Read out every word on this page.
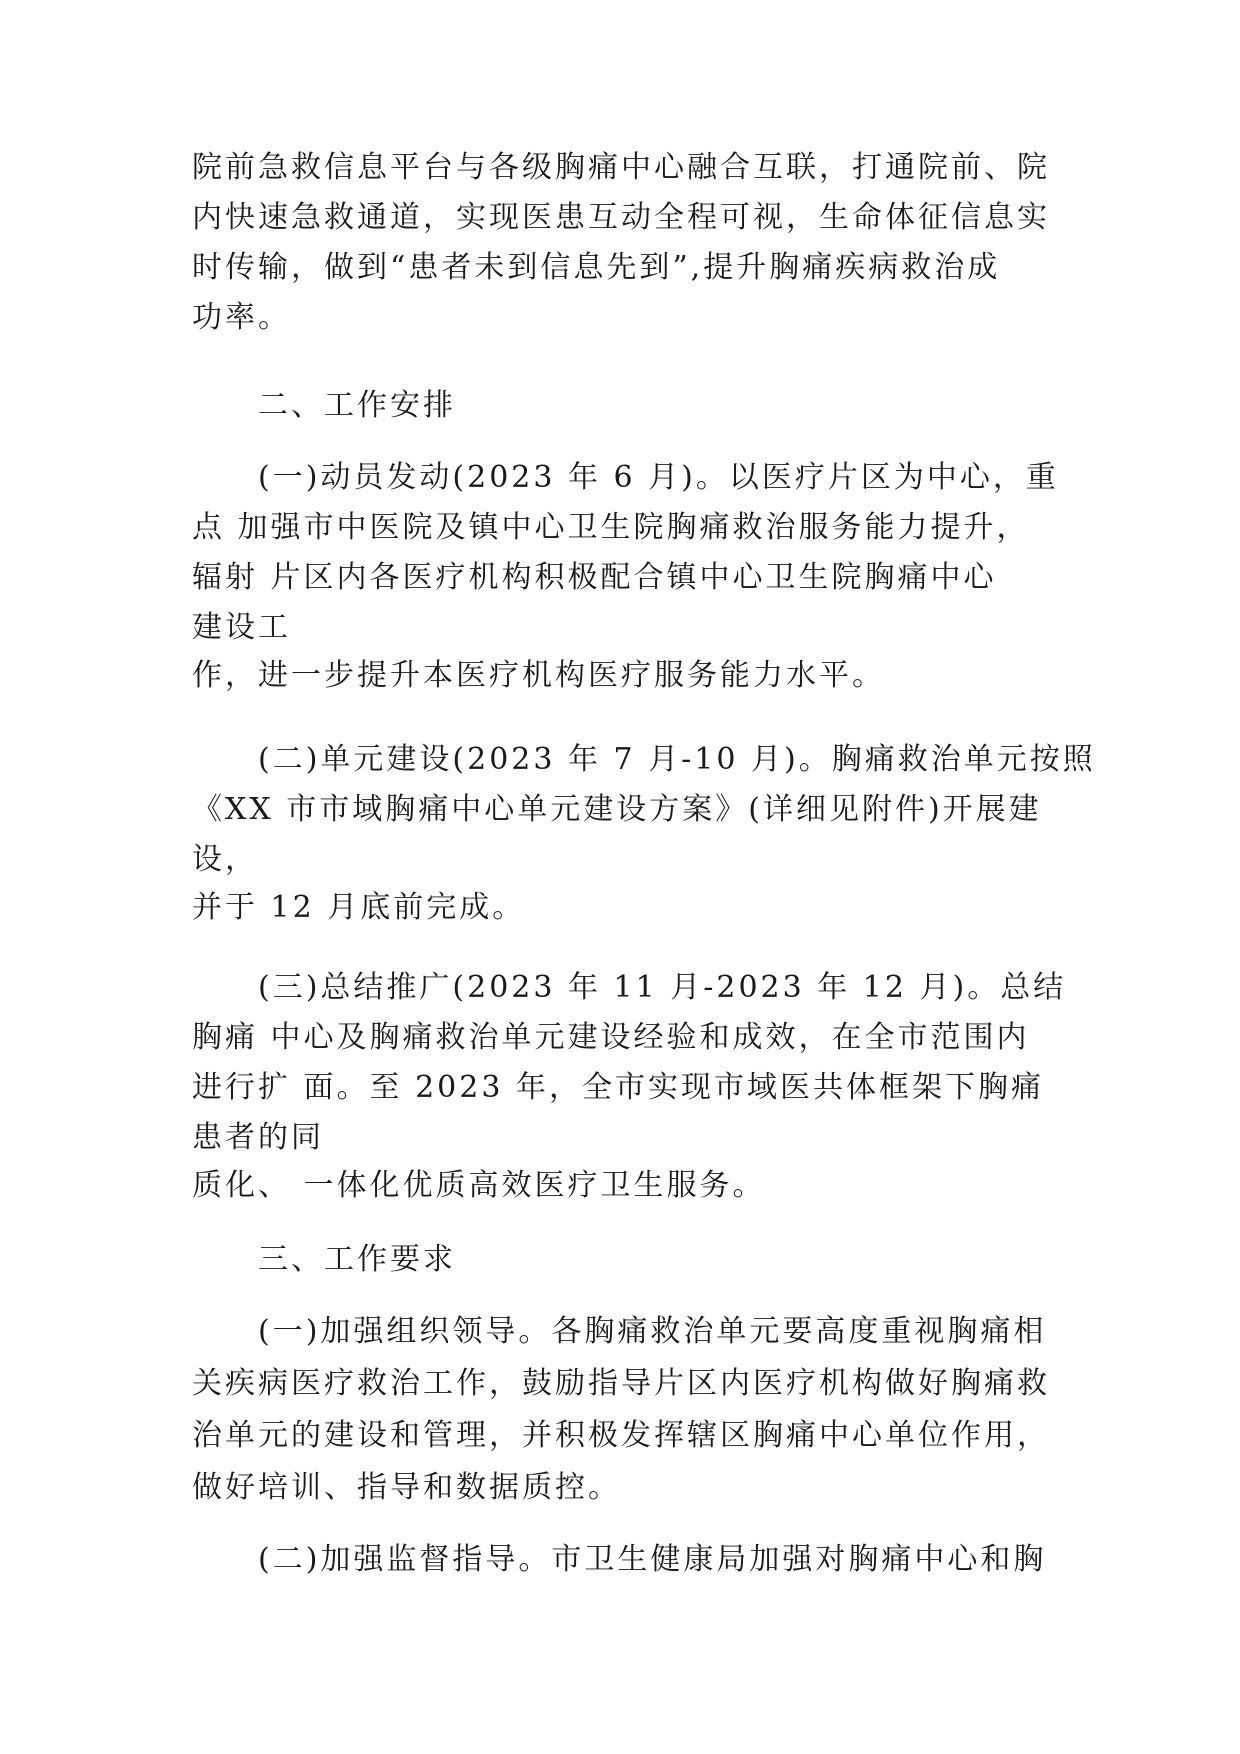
院前急救信息平台与各级胸痛中心融合互联，打通院前、院
内快速急救通道，实现医患互动全程可视，生命体征信息实
时传输，做到“患者未到信息先到”,提升胸痛疾病救治成
功率。
二、工作安排
(一)动员发动(2023 年 6 月)。以医疗片区为中心，重
点 加强市中医院及镇中心卫生院胸痛救治服务能力提升，
辐射 片区内各医疗机构积极配合镇中心卫生院胸痛中心
建设工
作，进一步提升本医疗机构医疗服务能力水平。
(二)单元建设(2023 年 7 月-10 月)。胸痛救治单元按照
《XX 市市域胸痛中心单元建设方案》(详细见附件)开展建
设，
并于 12 月底前完成。
(三)总结推广(2023 年 11 月-2023 年 12 月)。总结
胸痛 中心及胸痛救治单元建设经验和成效，在全市范围内
进行扩 面。至 2023 年，全市实现市域医共体框架下胸痛
患者的同
质化、 一体化优质高效医疗卫生服务。
三、工作要求
(一)加强组织领导。各胸痛救治单元要高度重视胸痛相
关疾病医疗救治工作，鼓励指导片区内医疗机构做好胸痛救
治单元的建设和管理，并积极发挥辖区胸痛中心单位作用，
做好培训、指导和数据质控。
(二)加强监督指导。市卫生健康局加强对胸痛中心和胸
